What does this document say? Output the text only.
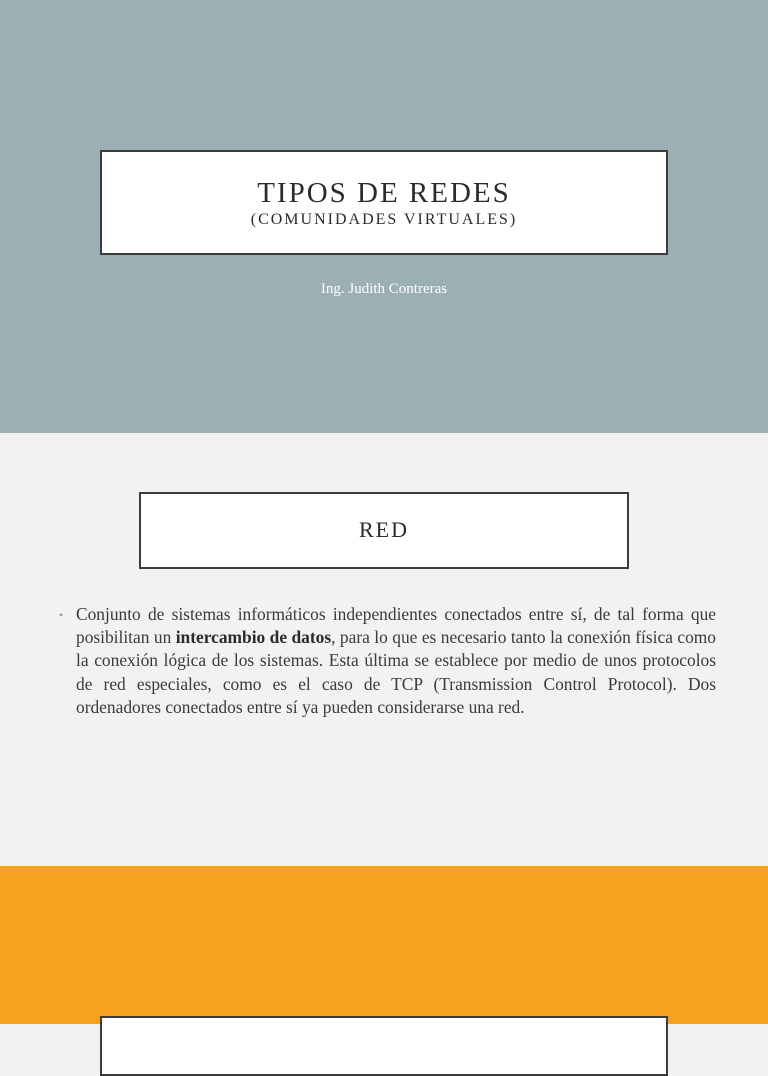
TIPOS DE REDES
(COMUNIDADES VIRTUALES)
Ing. Judith Contreras
RED
• Conjunto de sistemas informáticos independientes conectados entre sí, de tal forma que posibilitan un intercambio de datos, para lo que es necesario tanto la conexión física como la conexión lógica de los sistemas. Esta última se establece por medio de unos protocolos de red especiales, como es el caso de TCP (Transmission Control Protocol). Dos ordenadores conectados entre sí ya pueden considerarse una red.
